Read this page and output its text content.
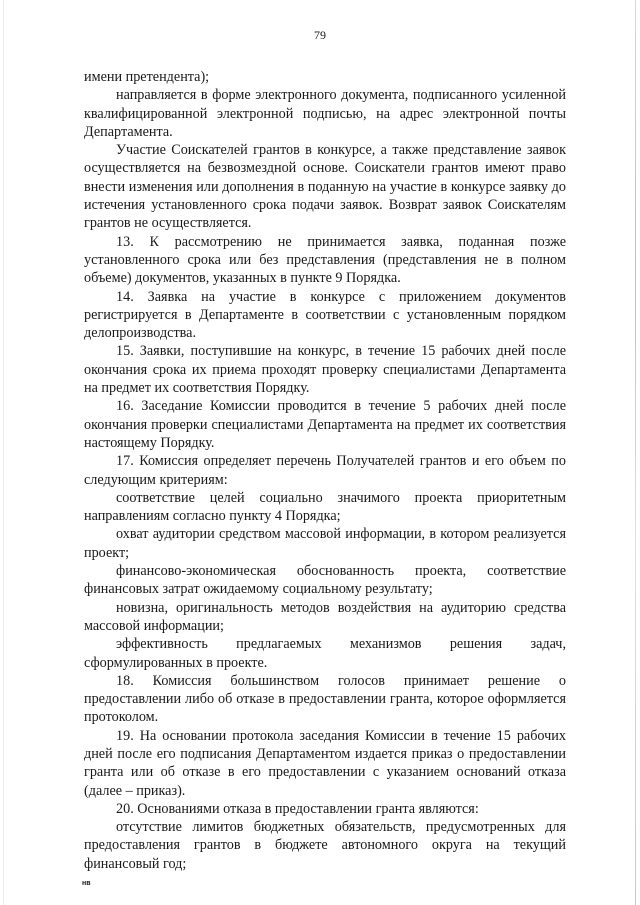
79

имени претендента);

направляется в форме электронного документа, подписанного усиленной квалифицированной электронной подписью, на адрес электронной почты Департамента.

Участие Соискателей грантов в конкурсе, а также представление заявок осуществляется на безвозмездной основе. Соискатели грантов имеют право внести изменения или дополнения в поданную на участие в конкурсе заявку до истечения установленного срока подачи заявок. Возврат заявок Соискателям грантов не осуществляется.

13. К рассмотрению не принимается заявка, поданная позже установленного срока или без представления (представления не в полном объеме) документов, указанных в пункте 9 Порядка.

14. Заявка на участие в конкурсе с приложением документов регистрируется в Департаменте в соответствии с установленным порядком делопроизводства.

15. Заявки, поступившие на конкурс, в течение 15 рабочих дней после окончания срока их приема проходят проверку специалистами Департамента на предмет их соответствия Порядку.

16. Заседание Комиссии проводится в течение 5 рабочих дней после окончания проверки специалистами Департамента на предмет их соответствия настоящему Порядку.

17. Комиссия определяет перечень Получателей грантов и его объем по следующим критериям:

соответствие целей социально значимого проекта приоритетным направлениям согласно пункту 4 Порядка;

охват аудитории средством массовой информации, в котором реализуется проект;

финансово-экономическая обоснованность проекта, соответствие финансовых затрат ожидаемому социальному результату;

новизна, оригинальность методов воздействия на аудиторию средства массовой информации;

эффективность предлагаемых механизмов решения задач, сформулированных в проекте.

18. Комиссия большинством голосов принимает решение о предоставлении либо об отказе в предоставлении гранта, которое оформляется протоколом.

19. На основании протокола заседания Комиссии в течение 15 рабочих дней после его подписания Департаментом издается приказ о предоставлении гранта или об отказе в его предоставлении с указанием оснований отказа (далее – приказ).

20. Основаниями отказа в предоставлении гранта являются:

отсутствие лимитов бюджетных обязательств, предусмотренных для предоставления грантов в бюджете автономного округа на текущий финансовый год;

нв
